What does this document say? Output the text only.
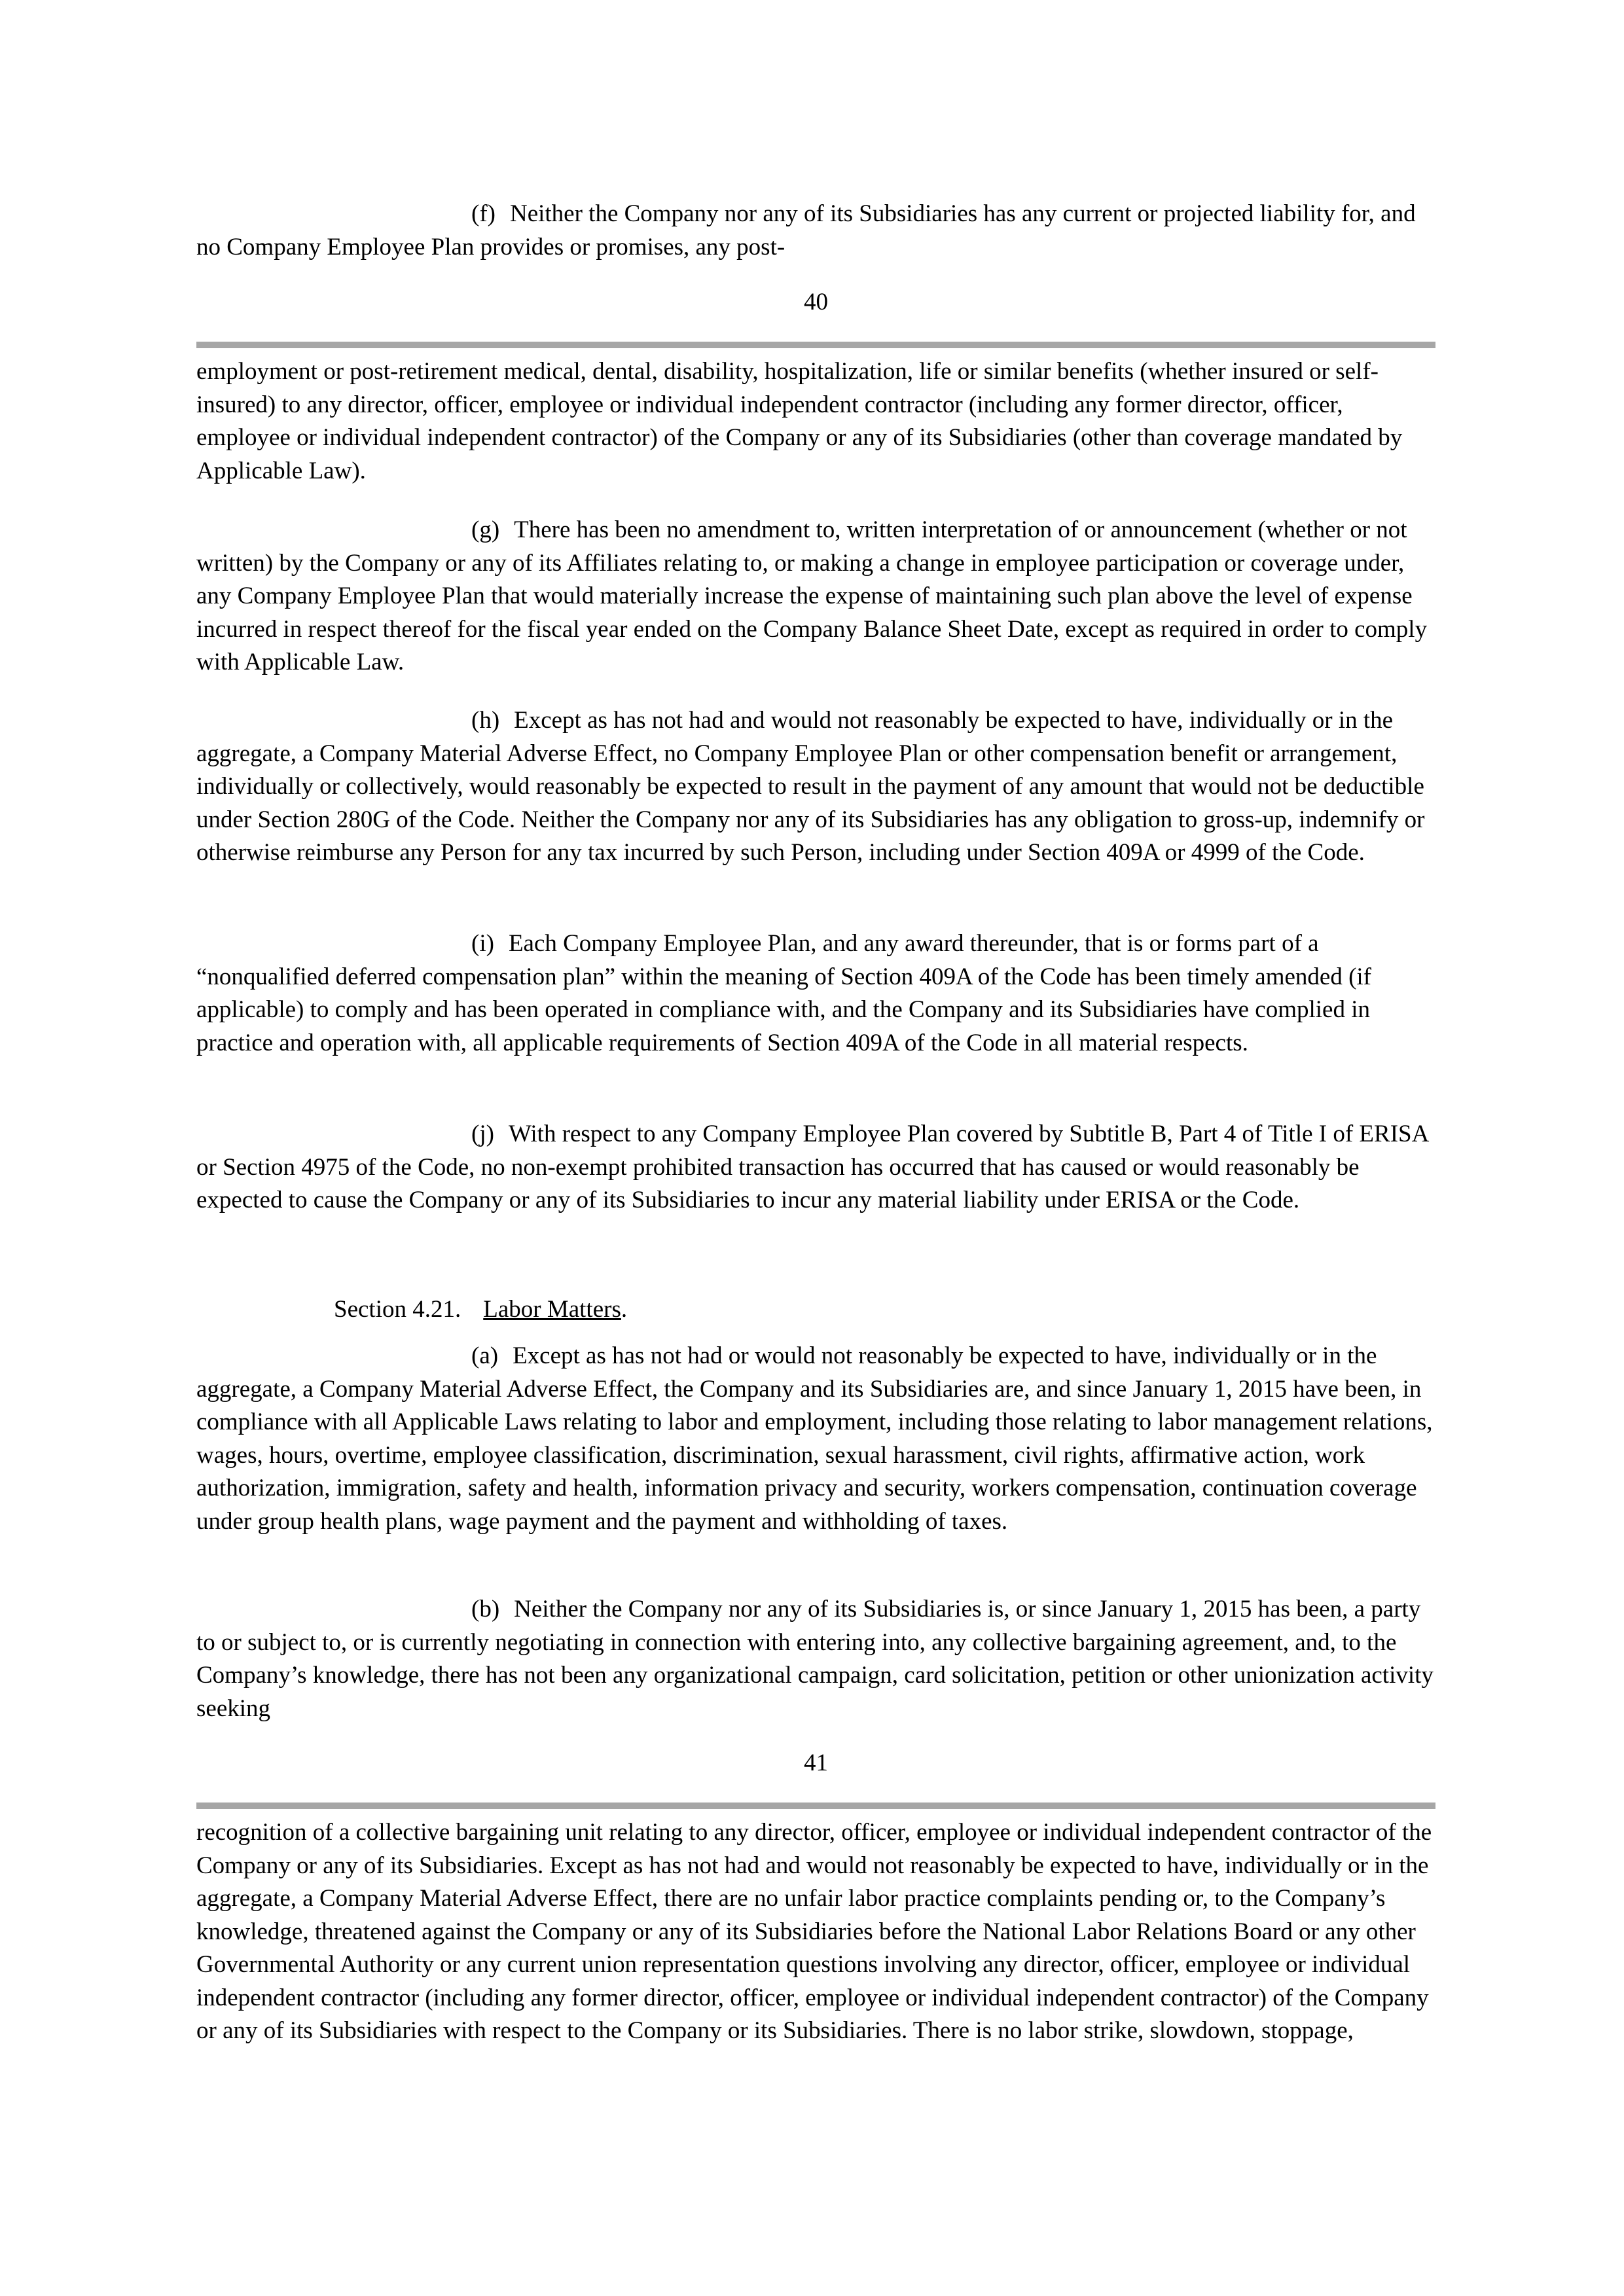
(f) Neither the Company nor any of its Subsidiaries has any current or projected liability for, and no Company Employee Plan provides or promises, any post-

40

employment or post-retirement medical, dental, disability, hospitalization, life or similar benefits (whether insured or self-insured) to any director, officer, employee or individual independent contractor (including any former director, officer, employee or individual independent contractor) of the Company or any of its Subsidiaries (other than coverage mandated by Applicable Law).

(g) There has been no amendment to, written interpretation of or announcement (whether or not written) by the Company or any of its Affiliates relating to, or making a change in employee participation or coverage under, any Company Employee Plan that would materially increase the expense of maintaining such plan above the level of expense incurred in respect thereof for the fiscal year ended on the Company Balance Sheet Date, except as required in order to comply with Applicable Law.

(h) Except as has not had and would not reasonably be expected to have, individually or in the aggregate, a Company Material Adverse Effect, no Company Employee Plan or other compensation benefit or arrangement, individually or collectively, would reasonably be expected to result in the payment of any amount that would not be deductible under Section 280G of the Code. Neither the Company nor any of its Subsidiaries has any obligation to gross-up, indemnify or otherwise reimburse any Person for any tax incurred by such Person, including under Section 409A or 4999 of the Code.

(i) Each Company Employee Plan, and any award thereunder, that is or forms part of a “nonqualified deferred compensation plan” within the meaning of Section 409A of the Code has been timely amended (if applicable) to comply and has been operated in compliance with, and the Company and its Subsidiaries have complied in practice and operation with, all applicable requirements of Section 409A of the Code in all material respects.

(j) With respect to any Company Employee Plan covered by Subtitle B, Part 4 of Title I of ERISA or Section 4975 of the Code, no non-exempt prohibited transaction has occurred that has caused or would reasonably be expected to cause the Company or any of its Subsidiaries to incur any material liability under ERISA or the Code.

Section 4.21. Labor Matters.

(a) Except as has not had or would not reasonably be expected to have, individually or in the aggregate, a Company Material Adverse Effect, the Company and its Subsidiaries are, and since January 1, 2015 have been, in compliance with all Applicable Laws relating to labor and employment, including those relating to labor management relations, wages, hours, overtime, employee classification, discrimination, sexual harassment, civil rights, affirmative action, work authorization, immigration, safety and health, information privacy and security, workers compensation, continuation coverage under group health plans, wage payment and the payment and withholding of taxes.

(b) Neither the Company nor any of its Subsidiaries is, or since January 1, 2015 has been, a party to or subject to, or is currently negotiating in connection with entering into, any collective bargaining agreement, and, to the Company’s knowledge, there has not been any organizational campaign, card solicitation, petition or other unionization activity seeking

41

recognition of a collective bargaining unit relating to any director, officer, employee or individual independent contractor of the Company or any of its Subsidiaries. Except as has not had and would not reasonably be expected to have, individually or in the aggregate, a Company Material Adverse Effect, there are no unfair labor practice complaints pending or, to the Company’s knowledge, threatened against the Company or any of its Subsidiaries before the National Labor Relations Board or any other Governmental Authority or any current union representation questions involving any director, officer, employee or individual independent contractor (including any former director, officer, employee or individual independent contractor) of the Company or any of its Subsidiaries with respect to the Company or its Subsidiaries. There is no labor strike, slowdown, stoppage,
